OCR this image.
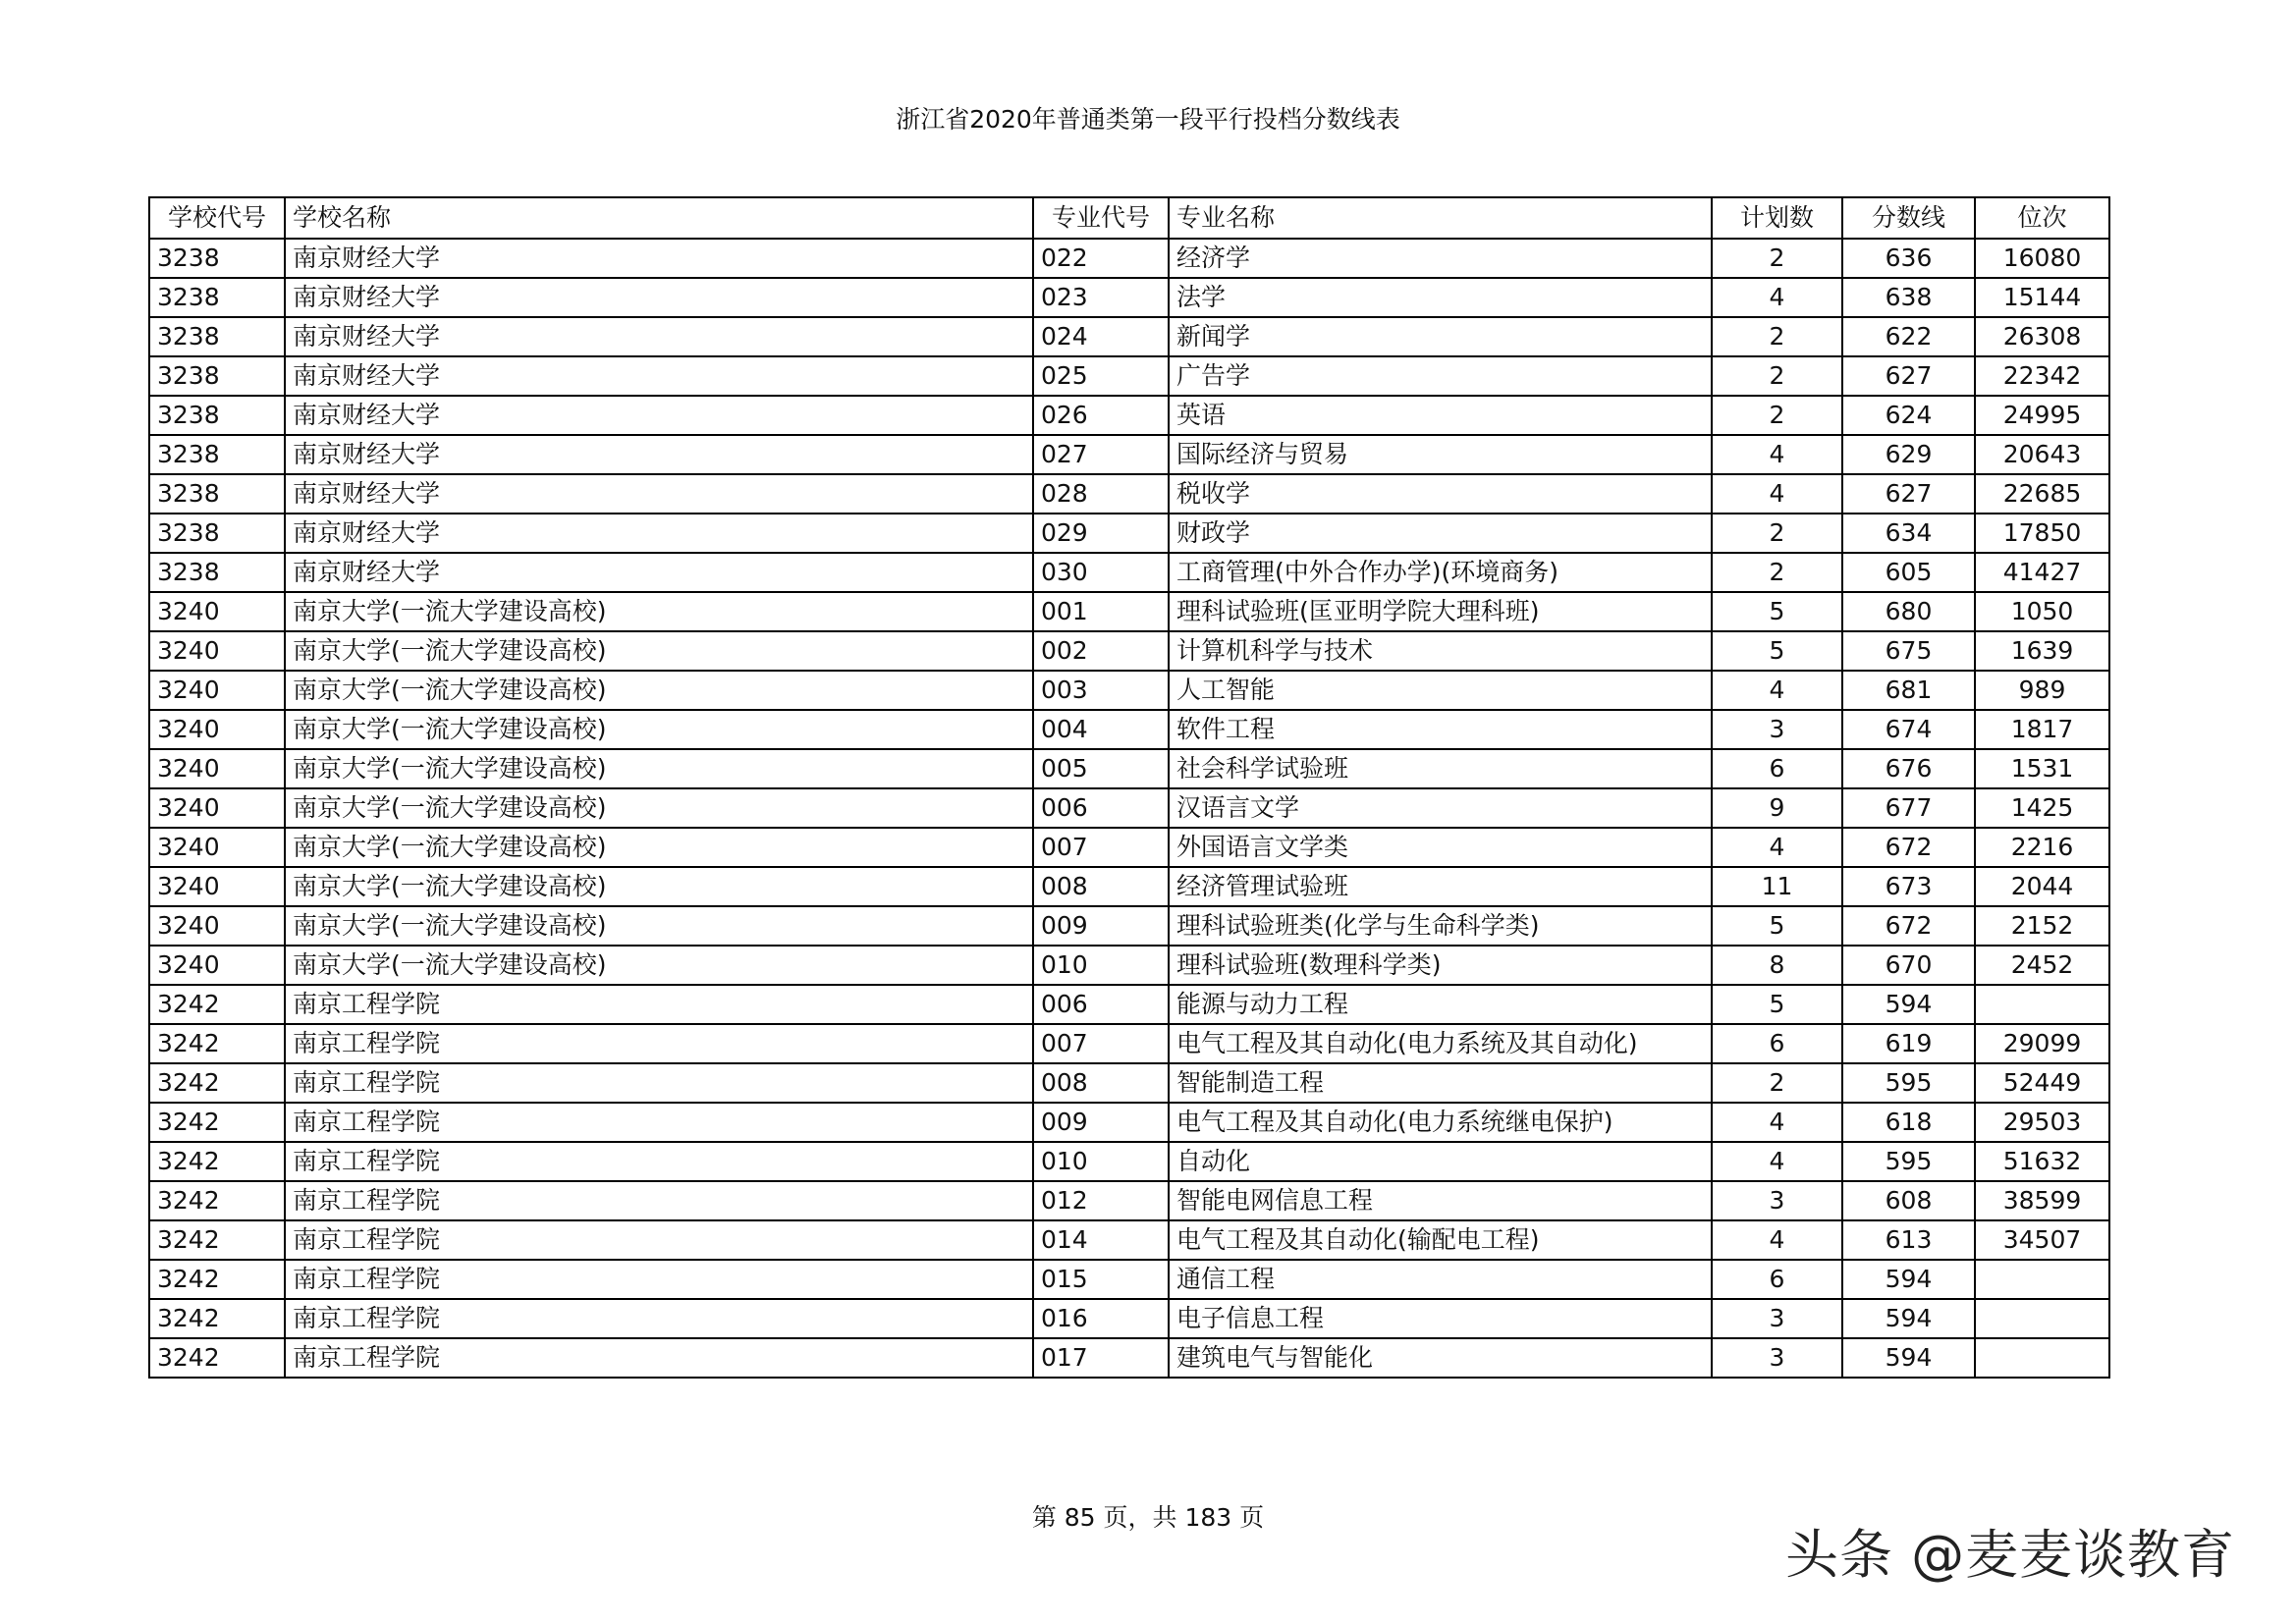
浙江省2020年普通类第一段平行投档分数线表
学校代号	学校名称	专业代号	专业名称	计划数	分数线	位次
3238	南京财经大学	022	经济学	2	636	16080
3238	南京财经大学	023	法学	4	638	15144
3238	南京财经大学	024	新闻学	2	622	26308
3238	南京财经大学	025	广告学	2	627	22342
3238	南京财经大学	026	英语	2	624	24995
3238	南京财经大学	027	国际经济与贸易	4	629	20643
3238	南京财经大学	028	税收学	4	627	22685
3238	南京财经大学	029	财政学	2	634	17850
3238	南京财经大学	030	工商管理(中外合作办学)(环境商务)	2	605	41427
3240	南京大学(一流大学建设高校)	001	理科试验班(匡亚明学院大理科班)	5	680	1050
3240	南京大学(一流大学建设高校)	002	计算机科学与技术	5	675	1639
3240	南京大学(一流大学建设高校)	003	人工智能	4	681	989
3240	南京大学(一流大学建设高校)	004	软件工程	3	674	1817
3240	南京大学(一流大学建设高校)	005	社会科学试验班	6	676	1531
3240	南京大学(一流大学建设高校)	006	汉语言文学	9	677	1425
3240	南京大学(一流大学建设高校)	007	外国语言文学类	4	672	2216
3240	南京大学(一流大学建设高校)	008	经济管理试验班	11	673	2044
3240	南京大学(一流大学建设高校)	009	理科试验班类(化学与生命科学类)	5	672	2152
3240	南京大学(一流大学建设高校)	010	理科试验班(数理科学类)	8	670	2452
3242	南京工程学院	006	能源与动力工程	5	594	
3242	南京工程学院	007	电气工程及其自动化(电力系统及其自动化)	6	619	29099
3242	南京工程学院	008	智能制造工程	2	595	52449
3242	南京工程学院	009	电气工程及其自动化(电力系统继电保护)	4	618	29503
3242	南京工程学院	010	自动化	4	595	51632
3242	南京工程学院	012	智能电网信息工程	3	608	38599
3242	南京工程学院	014	电气工程及其自动化(输配电工程)	4	613	34507
3242	南京工程学院	015	通信工程	6	594	
3242	南京工程学院	016	电子信息工程	3	594	
3242	南京工程学院	017	建筑电气与智能化	3	594	
第 85 页，共 183 页
头条 @麦麦谈教育
